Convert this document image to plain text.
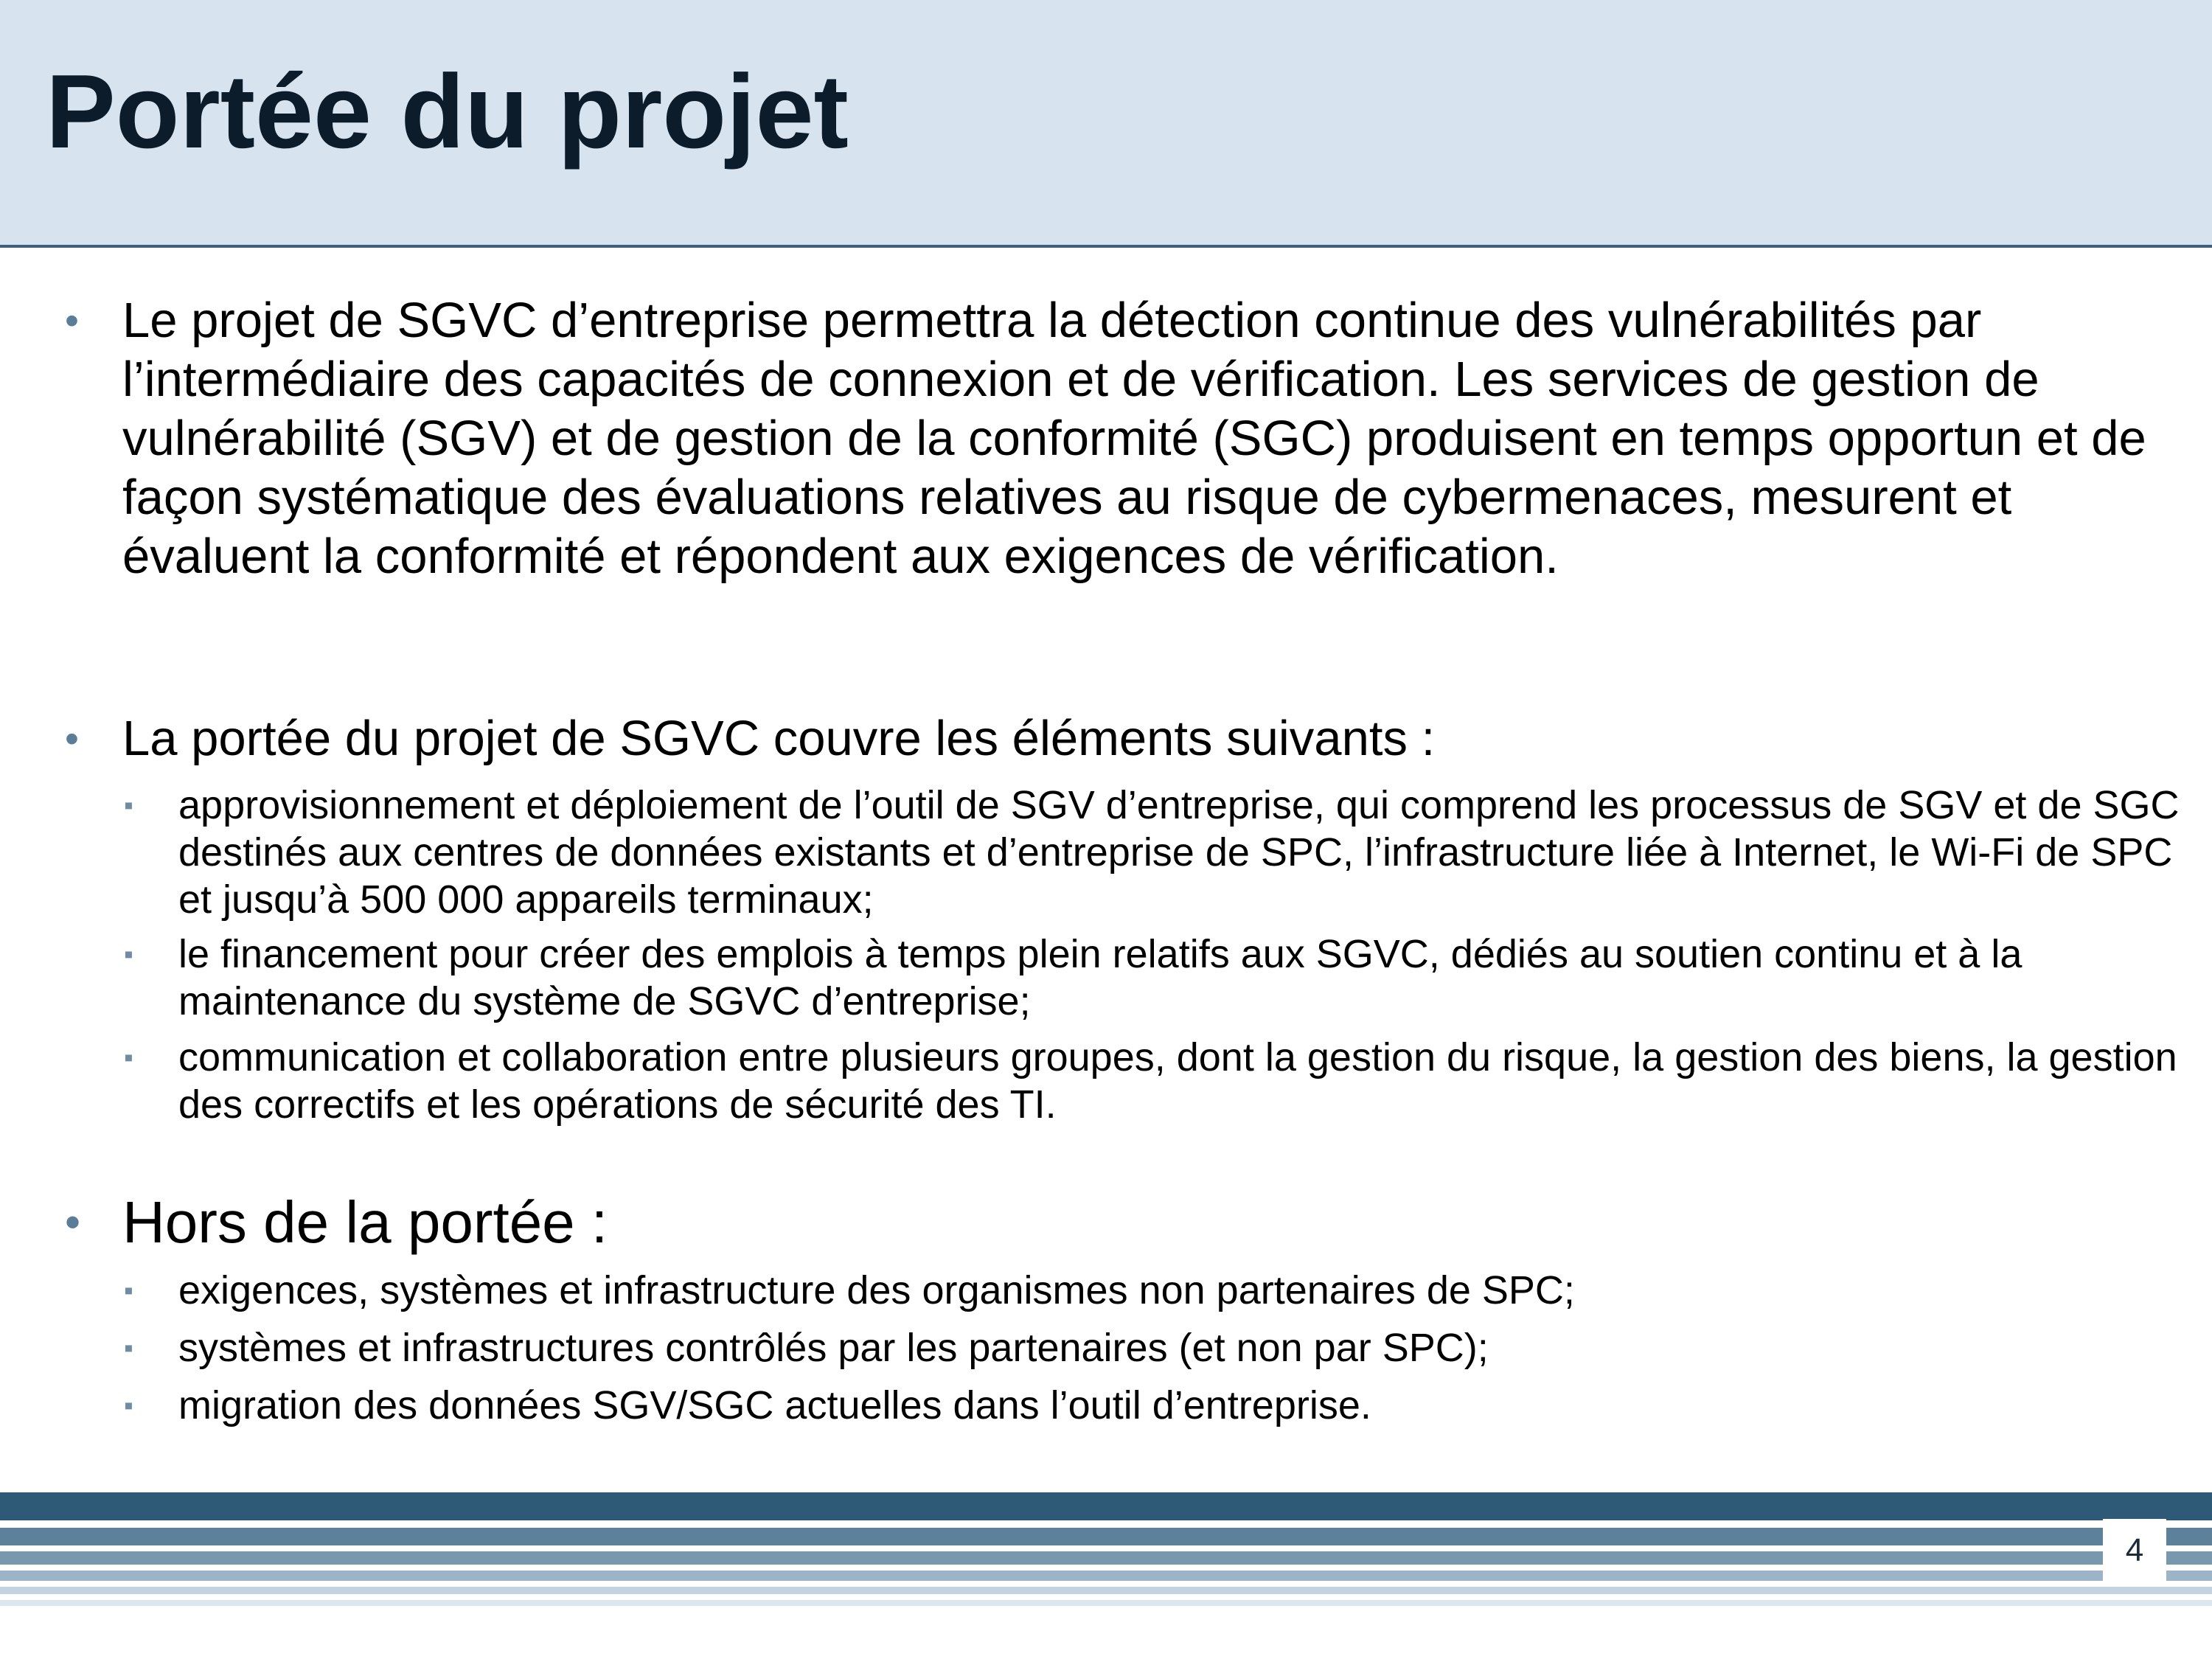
Portée du projet

• Le projet de SGVC d’entreprise permettra la détection continue des vulnérabilités par l’intermédiaire des capacités de connexion et de vérification. Les services de gestion de vulnérabilité (SGV) et de gestion de la conformité (SGC) produisent en temps opportun et de façon systématique des évaluations relatives au risque de cybermenaces, mesurent et évaluent la conformité et répondent aux exigences de vérification.

• La portée du projet de SGVC couvre les éléments suivants :

▪ approvisionnement et déploiement de l’outil de SGV d’entreprise, qui comprend les processus de SGV et de SGC destinés aux centres de données existants et d’entreprise de SPC, l’infrastructure liée à Internet, le Wi-Fi de SPC et jusqu’à 500 000 appareils terminaux;

▪ le financement pour créer des emplois à temps plein relatifs aux SGVC, dédiés au soutien continu et à la maintenance du système de SGVC d’entreprise;

▪ communication et collaboration entre plusieurs groupes, dont la gestion du risque, la gestion des biens, la gestion des correctifs et les opérations de sécurité des TI.

• Hors de la portée :

▪ exigences, systèmes et infrastructure des organismes non partenaires de SPC;

▪ systèmes et infrastructures contrôlés par les partenaires (et non par SPC);

▪ migration des données SGV/SGC actuelles dans l’outil d’entreprise.

4
